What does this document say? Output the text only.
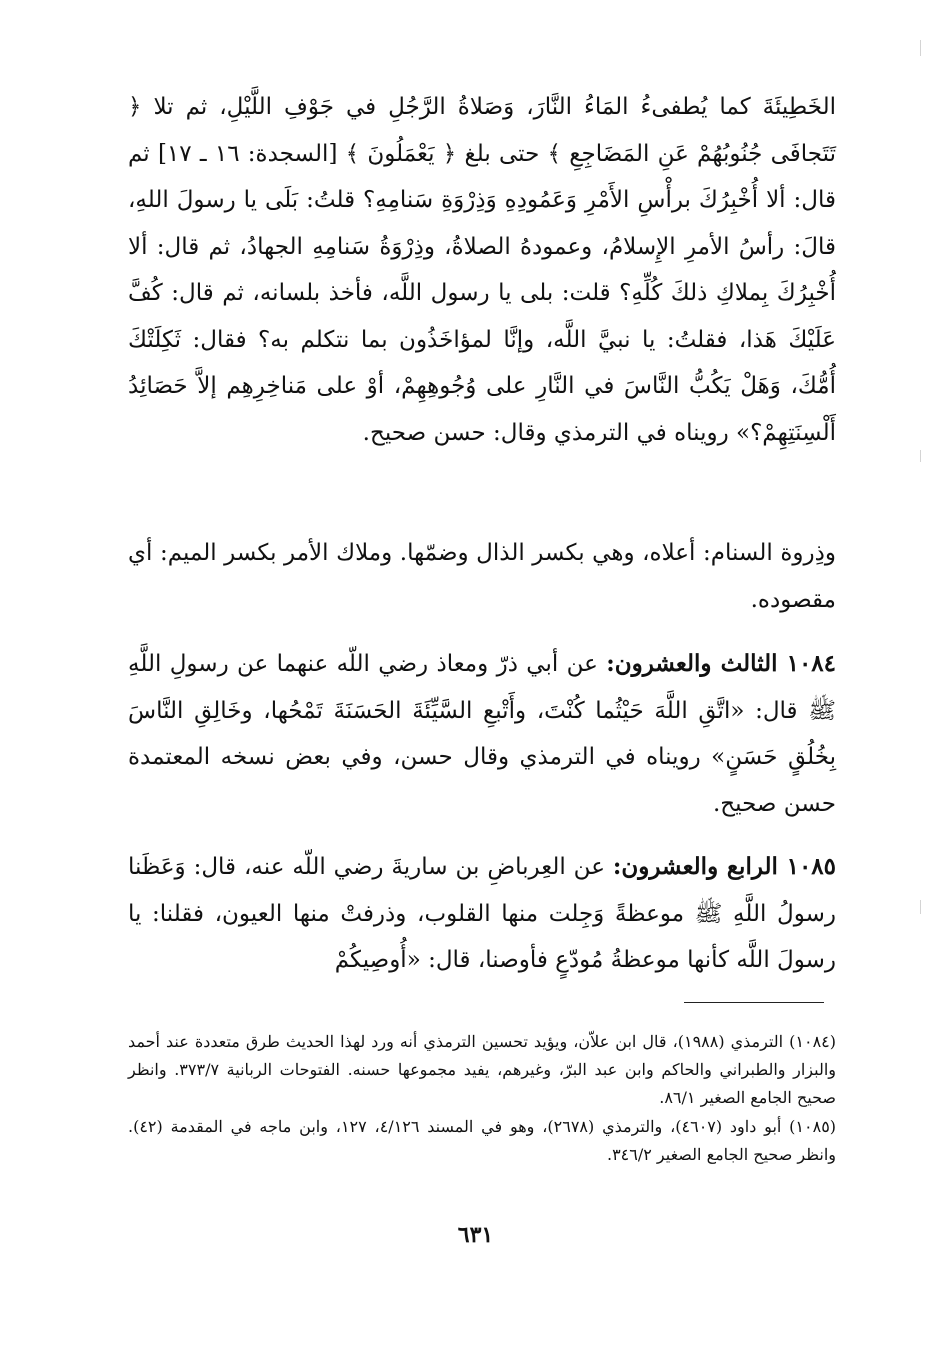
الخَطِيئَةَ كما يُطفىءُ المَاءُ النَّارَ، وَصَلاةُ الرَّجُلِ في جَوْفِ اللَّيْلِ، ثم تلا ﴿ تَتَجافَى جُنُوبُهُمْ عَنِ المَضَاجِعِ ﴾ حتى بلغ ﴿ يَعْمَلُونَ ﴾ [السجدة: ١٦ ـ ١٧] ثم قال: ألا أُخْبِرُكَ برأْسِ الأَمْرِ وَعَمُودِهِ وَذِرْوَةِ سَنامِهِ؟ قلتُ: بَلَى يا رسولَ اللهِ، قالَ: رأسُ الأمرِ الإِسلامُ، وعمودهُ الصلاةُ، وذِرْوَةُ سَنامِهِ الجهادُ، ثم قال: ألا أُخْبِرُكَ بِملاكِ ذلكَ كُلِّهِ؟ قلت: بلى يا رسول اللَّه، فأخذ بلسانه، ثم قال: كُفَّ عَلَيْكَ هَذا، فقلتُ: يا نبيَّ اللَّه، وإنَّا لمؤاخَذُون بما نتكلم به؟ فقال: ثَكِلَتْكَ أُمُّكَ، وَهَلْ يَكُبُّ النَّاسَ في النَّارِ على وُجُوهِهِمْ، أوْ على مَناخِرِهِم إلاَّ حَصَائِدُ أَلْسِنَتِهِمْ؟» رويناه في الترمذي وقال: حسن صحيح.

وذِروة السنام: أعلاه، وهي بكسر الذال وضمّها. وملاك الأمر بكسر الميم: أي مقصوده.

١٠٨٤ الثالث والعشرون: عن أبي ذرّ ومعاذ رضي اللّه عنهما عن رسولِ اللَّهِ ﷺ قال: «اتَّقِ اللَّهَ حَيْثُما كُنْتَ، وأَتْبعِ السَّيِّئَةَ الحَسَنَةَ تَمْحُها، وخَالِقِ النَّاسَ بِخُلُقٍ حَسَنٍ» رويناه في الترمذي وقال حسن، وفي بعض نسخه المعتمدة حسن صحيح.

١٠٨٥ الرابع والعشرون: عن العِرباضِ بن ساريةَ رضي اللّه عنه، قال: وَعَظَنا رسولُ اللَّهِ ﷺ موعظةً وَجِلت منها القلوب، وذرفتْ منها العيون، فقلنا: يا رسولَ اللَّه كأنها موعظةُ مُودّعٍ فأوصنا، قال: «أُوصِيكُمْ

(١٠٨٤) الترمذي (١٩٨٨)، قال ابن علاّن، ويؤيد تحسين الترمذي أنه ورد لهذا الحديث طرق متعددة عند أحمد والبزار والطبراني والحاكم وابن عبد البرّ، وغيرهم، يفيد مجموعها حسنه. الفتوحات الربانية ٣٧٣/٧. وانظر صحيح الجامع الصغير ٨٦/١.

(١٠٨٥) أبو داود (٤٦٠٧)، والترمذي (٢٦٧٨)، وهو في المسند ٤/١٢٦، ١٢٧، وابن ماجه في المقدمة (٤٢). وانظر صحيح الجامع الصغير ٣٤٦/٢.

٦٣١
